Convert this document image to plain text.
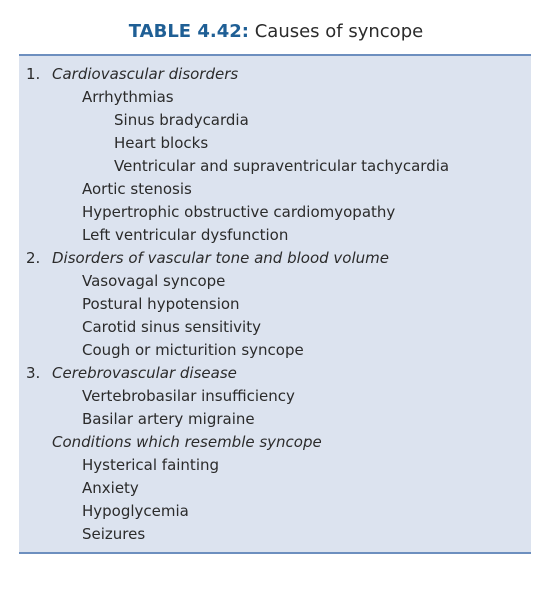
TABLE 4.42: Causes of syncope
1. Cardiovascular disorders
Arrhythmias
Sinus bradycardia
Heart blocks
Ventricular and supraventricular tachycardia
Aortic stenosis
Hypertrophic obstructive cardiomyopathy
Left ventricular dysfunction
2. Disorders of vascular tone and blood volume
Vasovagal syncope
Postural hypotension
Carotid sinus sensitivity
Cough or micturition syncope
3. Cerebrovascular disease
Vertebrobasilar insufficiency
Basilar artery migraine
Conditions which resemble syncope
Hysterical fainting
Anxiety
Hypoglycemia
Seizures
